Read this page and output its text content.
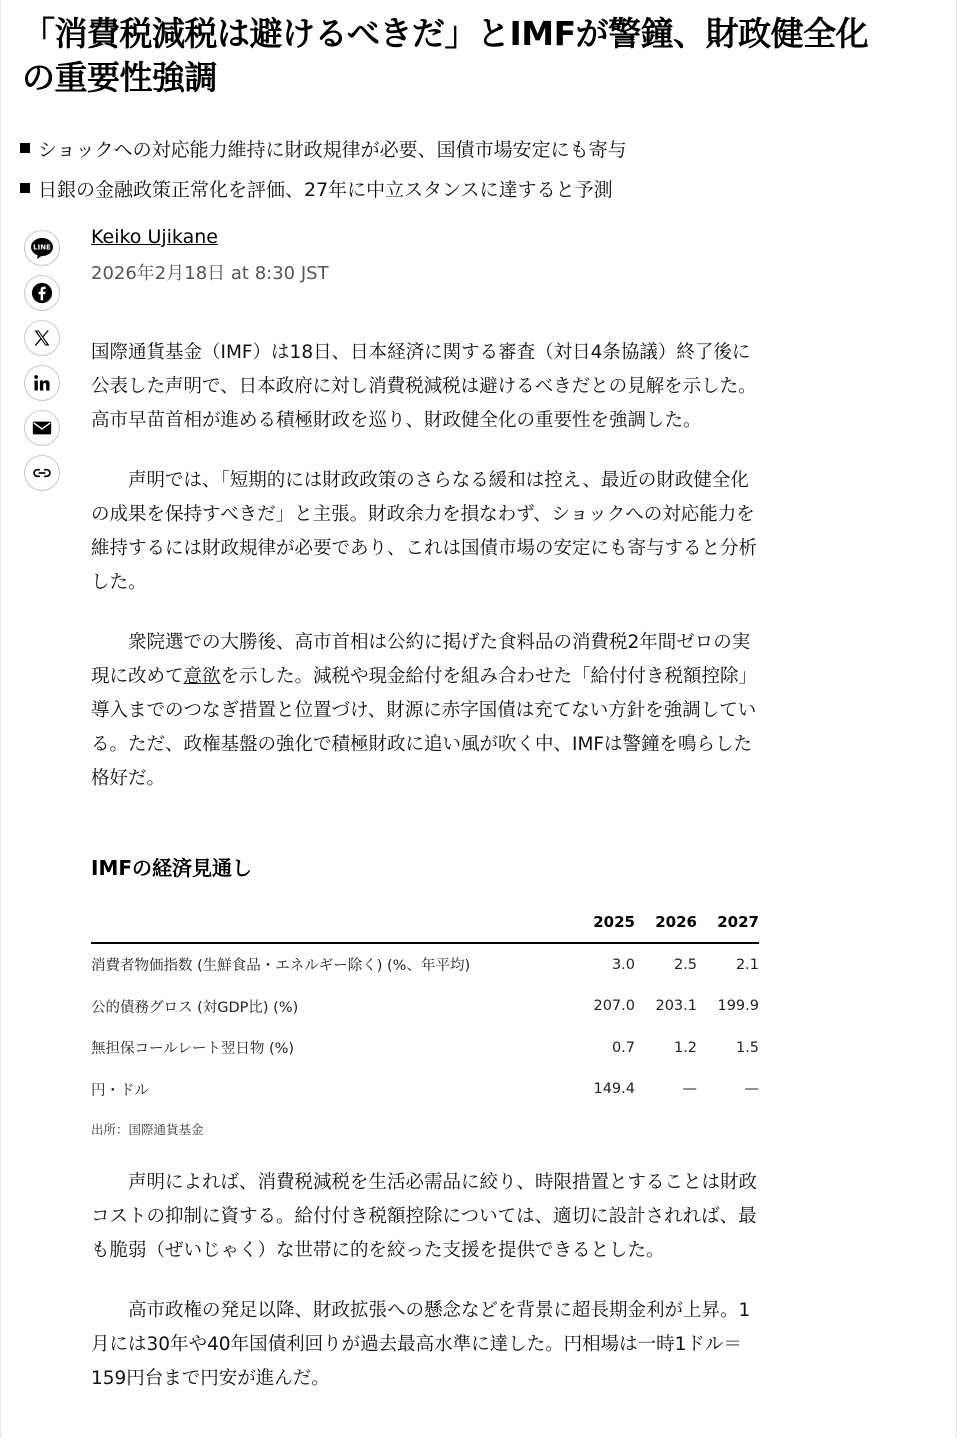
「消費税減税は避けるべきだ」とIMFが警鐘、財政健全化の重要性強調
ショックへの対応能力維持に財政規律が必要、国債市場安定にも寄与
日銀の金融政策正常化を評価、27年に中立スタンスに達すると予測
LINE Keiko Ujikane
2026年2月18日 at 8:30 JST

国際通貨基金（IMF）は18日、日本経済に関する審査（対日4条協議）終了後に公表した声明で、日本政府に対し消費税減税は避けるべきだとの見解を示した。高市早苗首相が進める積極財政を巡り、財政健全化の重要性を強調した。

声明では、「短期的には財政政策のさらなる緩和は控え、最近の財政健全化の成果を保持すべきだ」と主張。財政余力を損なわず、ショックへの対応能力を維持するには財政規律が必要であり、これは国債市場の安定にも寄与すると分析した。

衆院選での大勝後、高市首相は公約に掲げた食料品の消費税2年間ゼロの実現に改めて意欲を示した。減税や現金給付を組み合わせた「給付付き税額控除」導入までのつなぎ措置と位置づけ、財源に赤字国債は充てない方針を強調している。ただ、政権基盤の強化で積極財政に追い風が吹く中、IMFは警鐘を鳴らした格好だ。

IMFの経済見通し
	2025	2026	2027
消費者物価指数 (生鮮食品・エネルギー除く) (%、年平均)	3.0	2.5	2.1
公的債務グロス (対GDP比) (%)	207.0	203.1	199.9
無担保コールレート翌日物 (%)	0.7	1.2	1.5
円・ドル	149.4	—	—
出所：国際通貨基金

声明によれば、消費税減税を生活必需品に絞り、時限措置とすることは財政コストの抑制に資する。給付付き税額控除については、適切に設計されれば、最も脆弱（ぜいじゃく）な世帯に的を絞った支援を提供できるとした。

高市政権の発足以降、財政拡張への懸念などを背景に超長期金利が上昇。1月には30年や40年国債利回りが過去最高水準に達した。円相場は一時1ドル＝159円台まで円安が進んだ。
